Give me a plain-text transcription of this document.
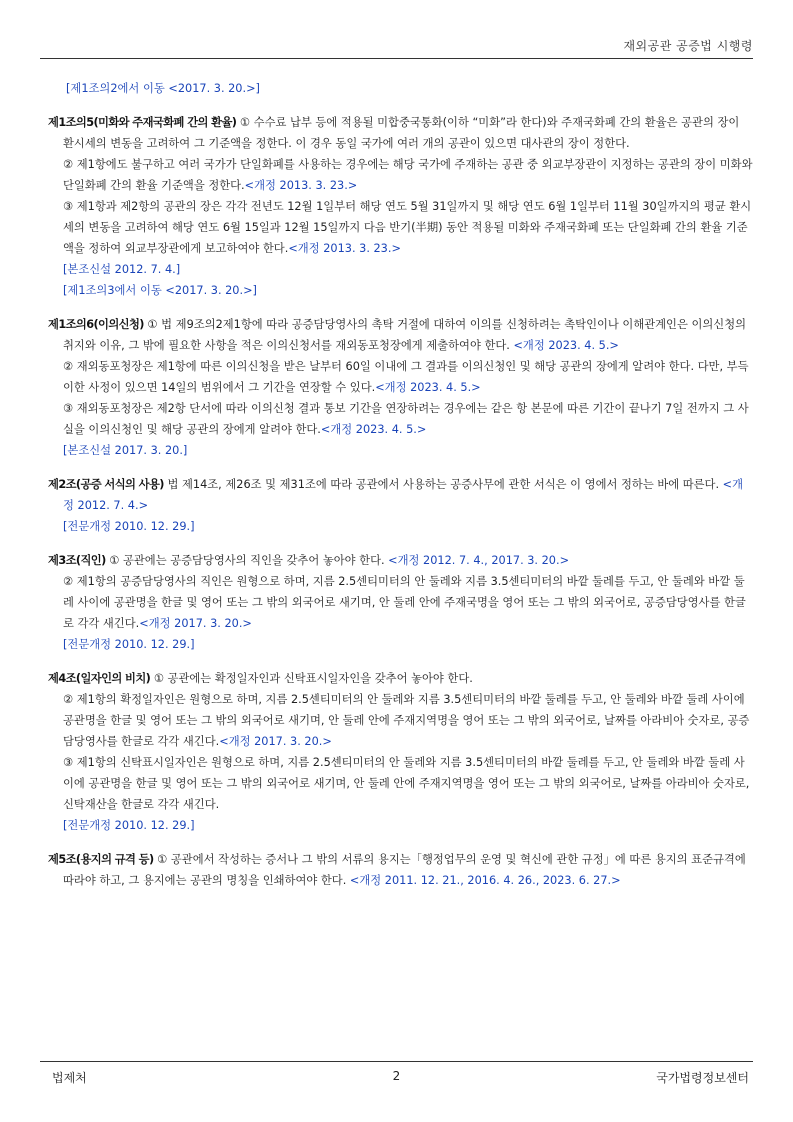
재외공관 공증법 시행령
[제1조의2에서 이동 <2017. 3. 20.>]
제1조의5(미화와 주재국화폐 간의 환율) ① 수수료 납부 등에 적용될 미합중국통화(이하 “미화”라 한다)와 주재국화폐 간의 환율은 공관의 장이 환시세의 변동을 고려하여 그 기준액을 정한다. 이 경우 동일 국가에 여러 개의 공관이 있으면 대사관의 장이 정한다.
② 제1항에도 불구하고 여러 국가가 단일화폐를 사용하는 경우에는 해당 국가에 주재하는 공관 중 외교부장관이 지정하는 공관의 장이 미화와 단일화폐 간의 환율 기준액을 정한다.<개정 2013. 3. 23.>
③ 제1항과 제2항의 공관의 장은 각각 전년도 12월 1일부터 해당 연도 5월 31일까지 및 해당 연도 6월 1일부터 11월 30일까지의 평균 환시세의 변동을 고려하여 해당 연도 6월 15일과 12월 15일까지 다음 반기(半期) 동안 적용될 미화와 주재국화폐 또는 단일화폐 간의 환율 기준액을 정하여 외교부장관에게 보고하여야 한다.<개정 2013. 3. 23.>
[본조신설 2012. 7. 4.]
[제1조의3에서 이동 <2017. 3. 20.>]
제1조의6(이의신청) ① 법 제9조의2제1항에 따라 공증담당영사의 촉탁 거절에 대하여 이의를 신청하려는 촉탁인이나 이해관계인은 이의신청의 취지와 이유, 그 밖에 필요한 사항을 적은 이의신청서를 재외동포청장에게 제출하여야 한다. <개정 2023. 4. 5.>
② 재외동포청장은 제1항에 따른 이의신청을 받은 날부터 60일 이내에 그 결과를 이의신청인 및 해당 공관의 장에게 알려야 한다. 다만, 부득이한 사정이 있으면 14일의 범위에서 그 기간을 연장할 수 있다.<개정 2023. 4. 5.>
③ 재외동포청장은 제2항 단서에 따라 이의신청 결과 통보 기간을 연장하려는 경우에는 같은 항 본문에 따른 기간이 끝나기 7일 전까지 그 사실을 이의신청인 및 해당 공관의 장에게 알려야 한다.<개정 2023. 4. 5.>
[본조신설 2017. 3. 20.]
제2조(공증 서식의 사용) 법 제14조, 제26조 및 제31조에 따라 공관에서 사용하는 공증사무에 관한 서식은 이 영에서 정하는 바에 따른다. <개정 2012. 7. 4.>
[전문개정 2010. 12. 29.]
제3조(직인) ① 공관에는 공증담당영사의 직인을 갖추어 놓아야 한다. <개정 2012. 7. 4., 2017. 3. 20.>
② 제1항의 공증담당영사의 직인은 원형으로 하며, 지름 2.5센티미터의 안 둘레와 지름 3.5센티미터의 바깥 둘레를 두고, 안 둘레와 바깥 둘레 사이에 공관명을 한글 및 영어 또는 그 밖의 외국어로 새기며, 안 둘레 안에 주재국명을 영어 또는 그 밖의 외국어로, 공증담당영사를 한글로 각각 새긴다.<개정 2017. 3. 20.>
[전문개정 2010. 12. 29.]
제4조(일자인의 비치) ① 공관에는 확정일자인과 신탁표시일자인을 갖추어 놓아야 한다.
② 제1항의 확정일자인은 원형으로 하며, 지름 2.5센티미터의 안 둘레와 지름 3.5센티미터의 바깥 둘레를 두고, 안 둘레와 바깥 둘레 사이에 공관명을 한글 및 영어 또는 그 밖의 외국어로 새기며, 안 둘레 안에 주재지역명을 영어 또는 그 밖의 외국어로, 날짜를 아라비아 숫자로, 공증담당영사를 한글로 각각 새긴다.<개정 2017. 3. 20.>
③ 제1항의 신탁표시일자인은 원형으로 하며, 지름 2.5센티미터의 안 둘레와 지름 3.5센티미터의 바깥 둘레를 두고, 안 둘레와 바깥 둘레 사이에 공관명을 한글 및 영어 또는 그 밖의 외국어로 새기며, 안 둘레 안에 주재지역명을 영어 또는 그 밖의 외국어로, 날짜를 아라비아 숫자로, 신탁재산을 한글로 각각 새긴다.
[전문개정 2010. 12. 29.]
제5조(용지의 규격 등) ① 공관에서 작성하는 증서나 그 밖의 서류의 용지는「행정업무의 운영 및 혁신에 관한 규정」에 따른 용지의 표준규격에 따라야 하고, 그 용지에는 공관의 명칭을 인쇄하여야 한다. <개정 2011. 12. 21., 2016. 4. 26., 2023. 6. 27.>
법제처	2	국가법령정보센터
